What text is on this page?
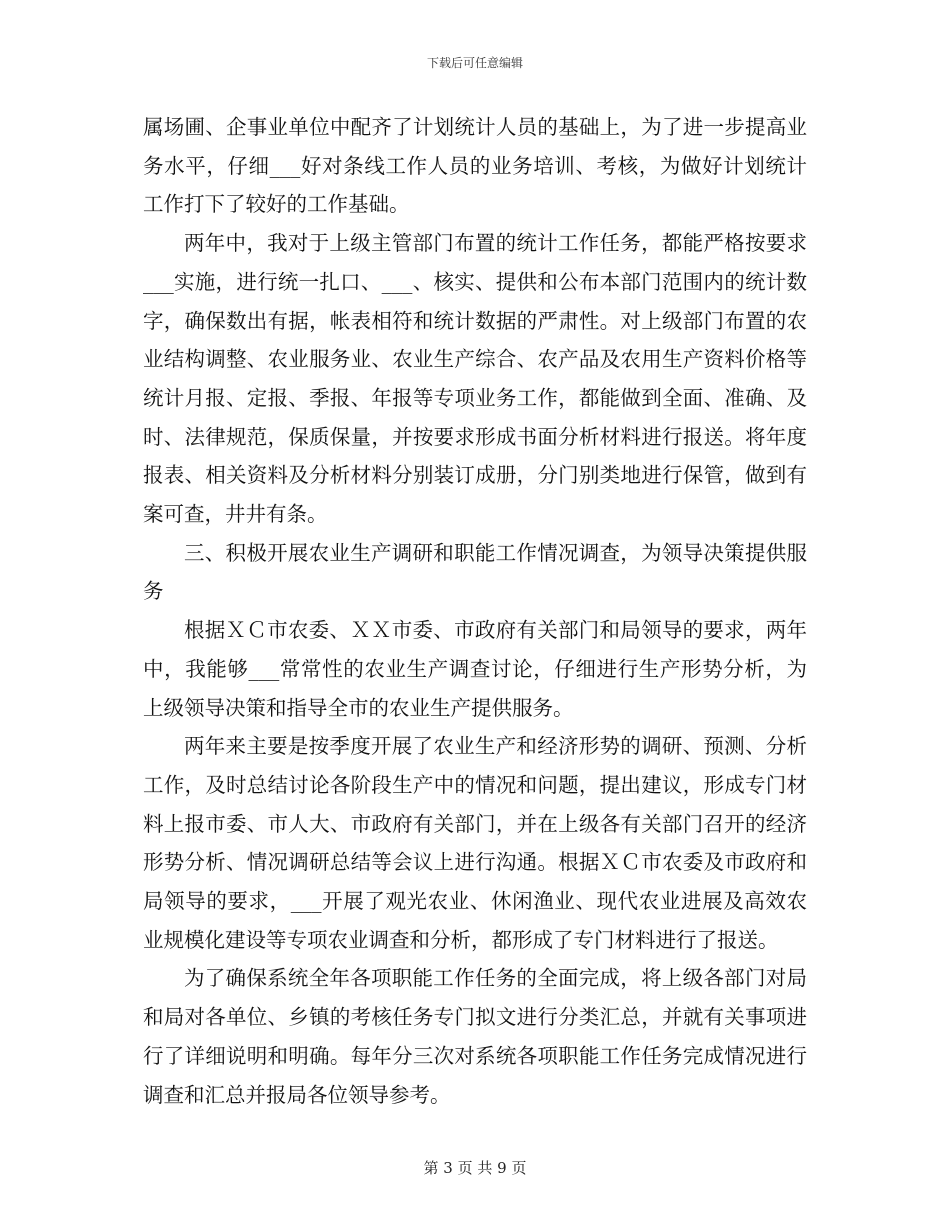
下载后可任意编辑

属场圃、企事业单位中配齐了计划统计人员的基础上，为了进一步提高业务水平，仔细___好对条线工作人员的业务培训、考核，为做好计划统计工作打下了较好的工作基础。

两年中，我对于上级主管部门布置的统计工作任务，都能严格按要求___实施，进行统一扎口、___、核实、提供和公布本部门范围内的统计数字，确保数出有据，帐表相符和统计数据的严肃性。对上级部门布置的农业结构调整、农业服务业、农业生产综合、农产品及农用生产资料价格等统计月报、定报、季报、年报等专项业务工作，都能做到全面、准确、及时、法律规范，保质保量，并按要求形成书面分析材料进行报送。将年度报表、相关资料及分析材料分别装订成册，分门别类地进行保管，做到有案可查，井井有条。

三、积极开展农业生产调研和职能工作情况调查，为领导决策提供服务

根据ＸＣ市农委、ＸＸ市委、市政府有关部门和局领导的要求，两年中，我能够___常常性的农业生产调查讨论，仔细进行生产形势分析，为上级领导决策和指导全市的农业生产提供服务。

两年来主要是按季度开展了农业生产和经济形势的调研、预测、分析工作，及时总结讨论各阶段生产中的情况和问题，提出建议，形成专门材料上报市委、市人大、市政府有关部门，并在上级各有关部门召开的经济形势分析、情况调研总结等会议上进行沟通。根据ＸＣ市农委及市政府和局领导的要求，___开展了观光农业、休闲渔业、现代农业进展及高效农业规模化建设等专项农业调查和分析，都形成了专门材料进行了报送。

为了确保系统全年各项职能工作任务的全面完成，将上级各部门对局和局对各单位、乡镇的考核任务专门拟文进行分类汇总，并就有关事项进行了详细说明和明确。每年分三次对系统各项职能工作任务完成情况进行调查和汇总并报局各位领导参考。

第 3 页 共 9 页
